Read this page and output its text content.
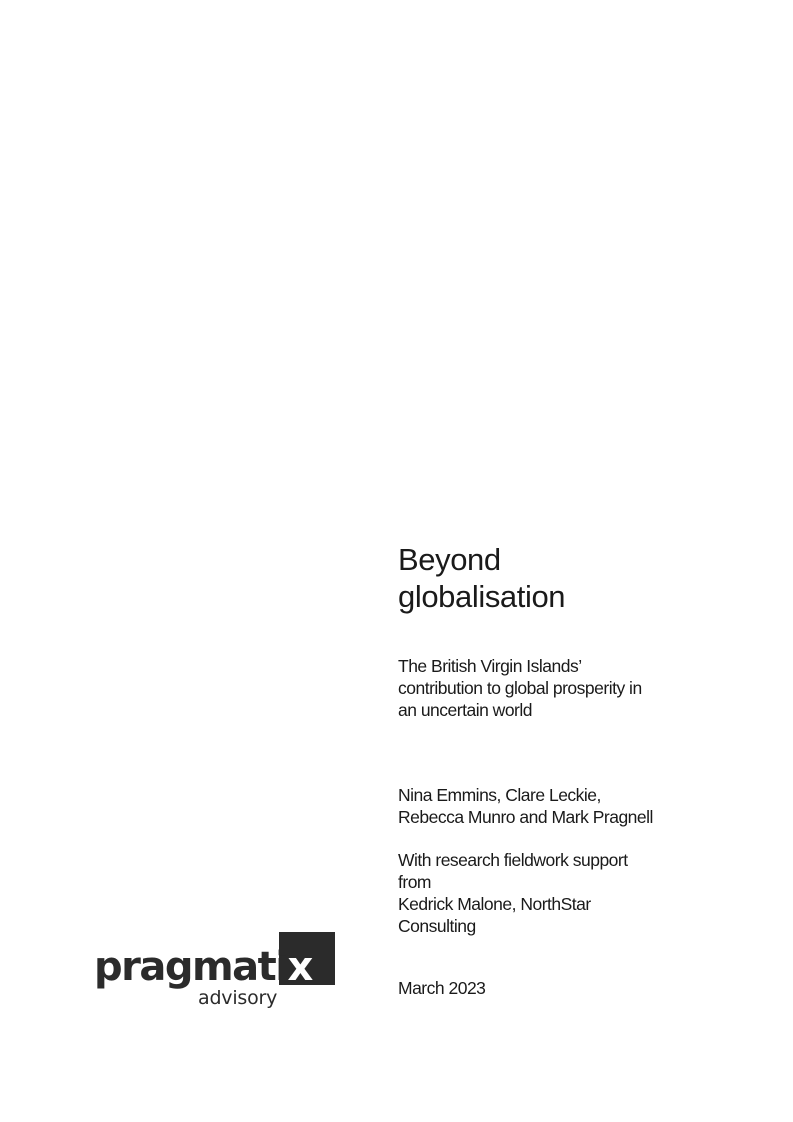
Beyond
globalisation

The British Virgin Islands’
contribution to global prosperity in
an uncertain world

Nina Emmins, Clare Leckie,
Rebecca Munro and Mark Pragnell

With research fieldwork support
from
Kedrick Malone, NorthStar
Consulting

March 2023

pragmatix
advisory
